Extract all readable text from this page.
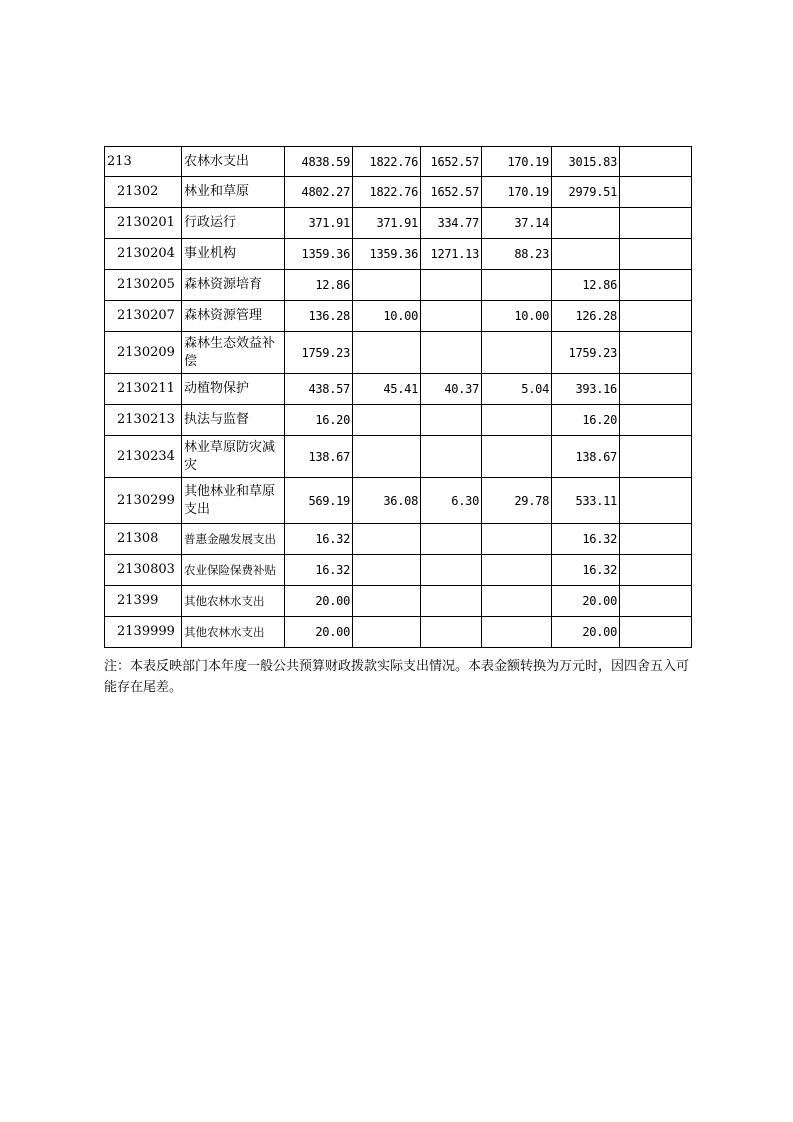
213	农林水支出	4838.59	1822.76	1652.57	170.19	3015.83	
21302	林业和草原	4802.27	1822.76	1652.57	170.19	2979.51	
2130201	行政运行	371.91	371.91	334.77	37.14		
2130204	事业机构	1359.36	1359.36	1271.13	88.23		
2130205	森林资源培育	12.86				12.86	
2130207	森林资源管理	136.28	10.00		10.00	126.28	
2130209	森林生态效益补偿	1759.23				1759.23	
2130211	动植物保护	438.57	45.41	40.37	5.04	393.16	
2130213	执法与监督	16.20				16.20	
2130234	林业草原防灾减灾	138.67				138.67	
2130299	其他林业和草原支出	569.19	36.08	6.30	29.78	533.11	
21308	普惠金融发展支出	16.32				16.32	
2130803	农业保险保费补贴	16.32				16.32	
21399	其他农林水支出	20.00				20.00	
2139999	其他农林水支出	20.00				20.00	
注：本表反映部门本年度一般公共预算财政拨款实际支出情况。本表金额转换为万元时，因四舍五入可能存在尾差。
